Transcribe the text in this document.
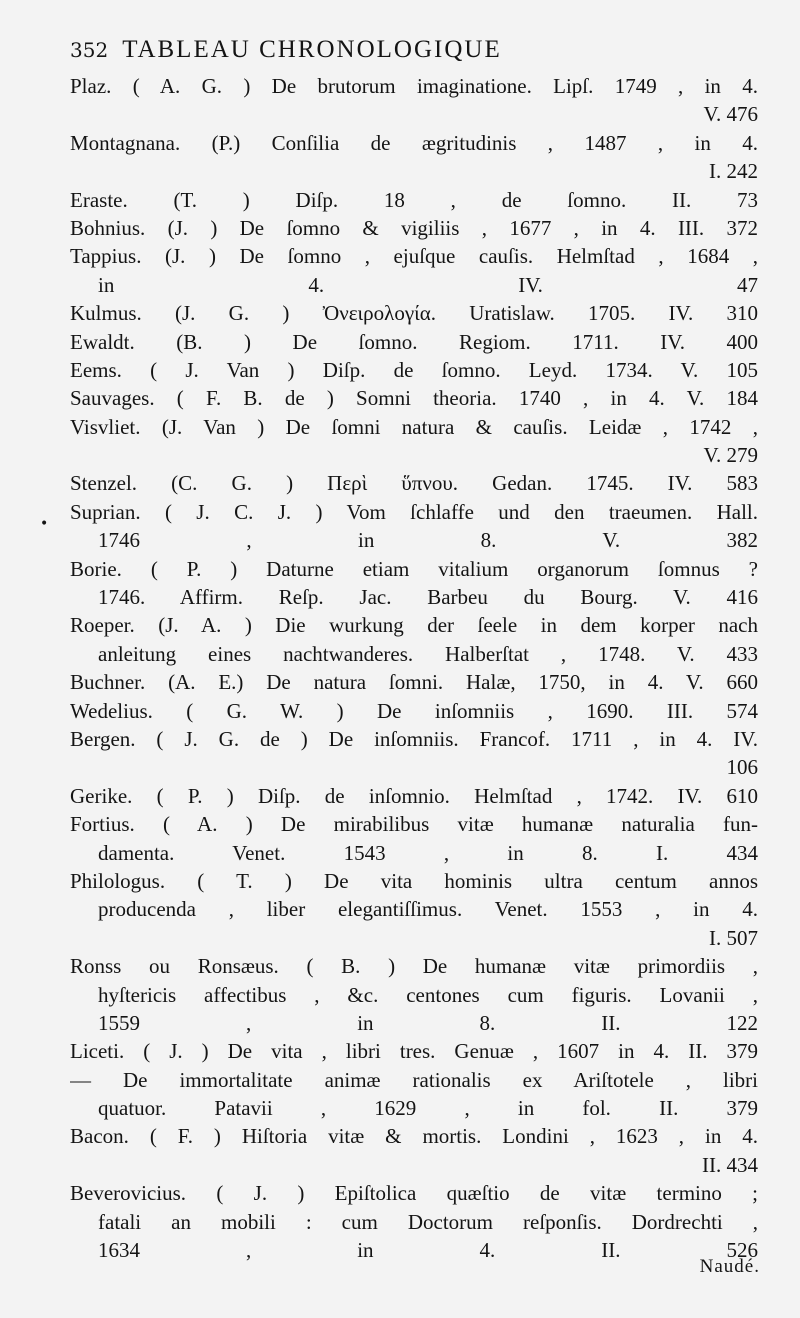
352 TABLEAU CHRONOLOGIQUE
Plaz. ( A. G. ) De brutorum imaginatione. Lipſ. 1749 , in 4.
V. 476
Montagnana. (P.) Conſilia de ægritudinis , 1487 , in 4.
I. 242
Eraste. (T. ) Diſp. 18 , de ſomno. II. 73
Bohnius. (J. ) De ſomno & vigiliis , 1677 , in 4. III. 372
Tappius. (J. ) De ſomno , ejuſque cauſis. Helmſtad , 1684 ,
in 4. IV. 47
Kulmus. (J. G. ) Ὀνειρολογία. Uratislaw. 1705. IV. 310
Ewaldt. (B. ) De ſomno. Regiom. 1711. IV. 400
Eems. ( J. Van ) Diſp. de ſomno. Leyd. 1734. V. 105
Sauvages. ( F. B. de ) Somni theoria. 1740 , in 4. V. 184
Visvliet. (J. Van ) De ſomni natura & cauſis. Leidæ , 1742 ,
V. 279
Stenzel. (C. G. ) Περὶ ὕπνου. Gedan. 1745. IV. 583
Suprian. ( J. C. J. ) Vom ſchlaffe und den traeumen. Hall.
1746 , in 8. V. 382
Borie. ( P. ) Daturne etiam vitalium organorum ſomnus ?
1746. Affirm. Reſp. Jac. Barbeu du Bourg. V. 416
Roeper. (J. A. ) Die wurkung der ſeele in dem korper nach
anleitung eines nachtwanderes. Halberſtat , 1748. V. 433
Buchner. (A. E.) De natura ſomni. Halæ, 1750, in 4. V. 660
Wedelius. ( G. W. ) De inſomniis , 1690. III. 574
Bergen. ( J. G. de ) De inſomniis. Francof. 1711 , in 4. IV.
106
Gerike. ( P. ) Diſp. de inſomnio. Helmſtad , 1742. IV. 610
Fortius. ( A. ) De mirabilibus vitæ humanæ naturalia fun-
damenta. Venet. 1543 , in 8. I. 434
Philologus. ( T. ) De vita hominis ultra centum annos
producenda , liber elegantiſſimus. Venet. 1553 , in 4.
I. 507
Ronss ou Ronsæus. ( B. ) De humanæ vitæ primordiis ,
hyſtericis affectibus , &c. centones cum figuris. Lovanii ,
1559 , in 8. II. 122
Liceti. ( J. ) De vita , libri tres. Genuæ , 1607 in 4. II. 379
— De immortalitate animæ rationalis ex Ariſtotele , libri
quatuor. Patavii , 1629 , in fol. II. 379
Bacon. ( F. ) Hiſtoria vitæ & mortis. Londini , 1623 , in 4.
II. 434
Beverovicius. ( J. ) Epiſtolica quæſtio de vitæ termino ;
fatali an mobili : cum Doctorum reſponſis. Dordrechti ,
1634 , in 4. II. 526
•
Naudé.
